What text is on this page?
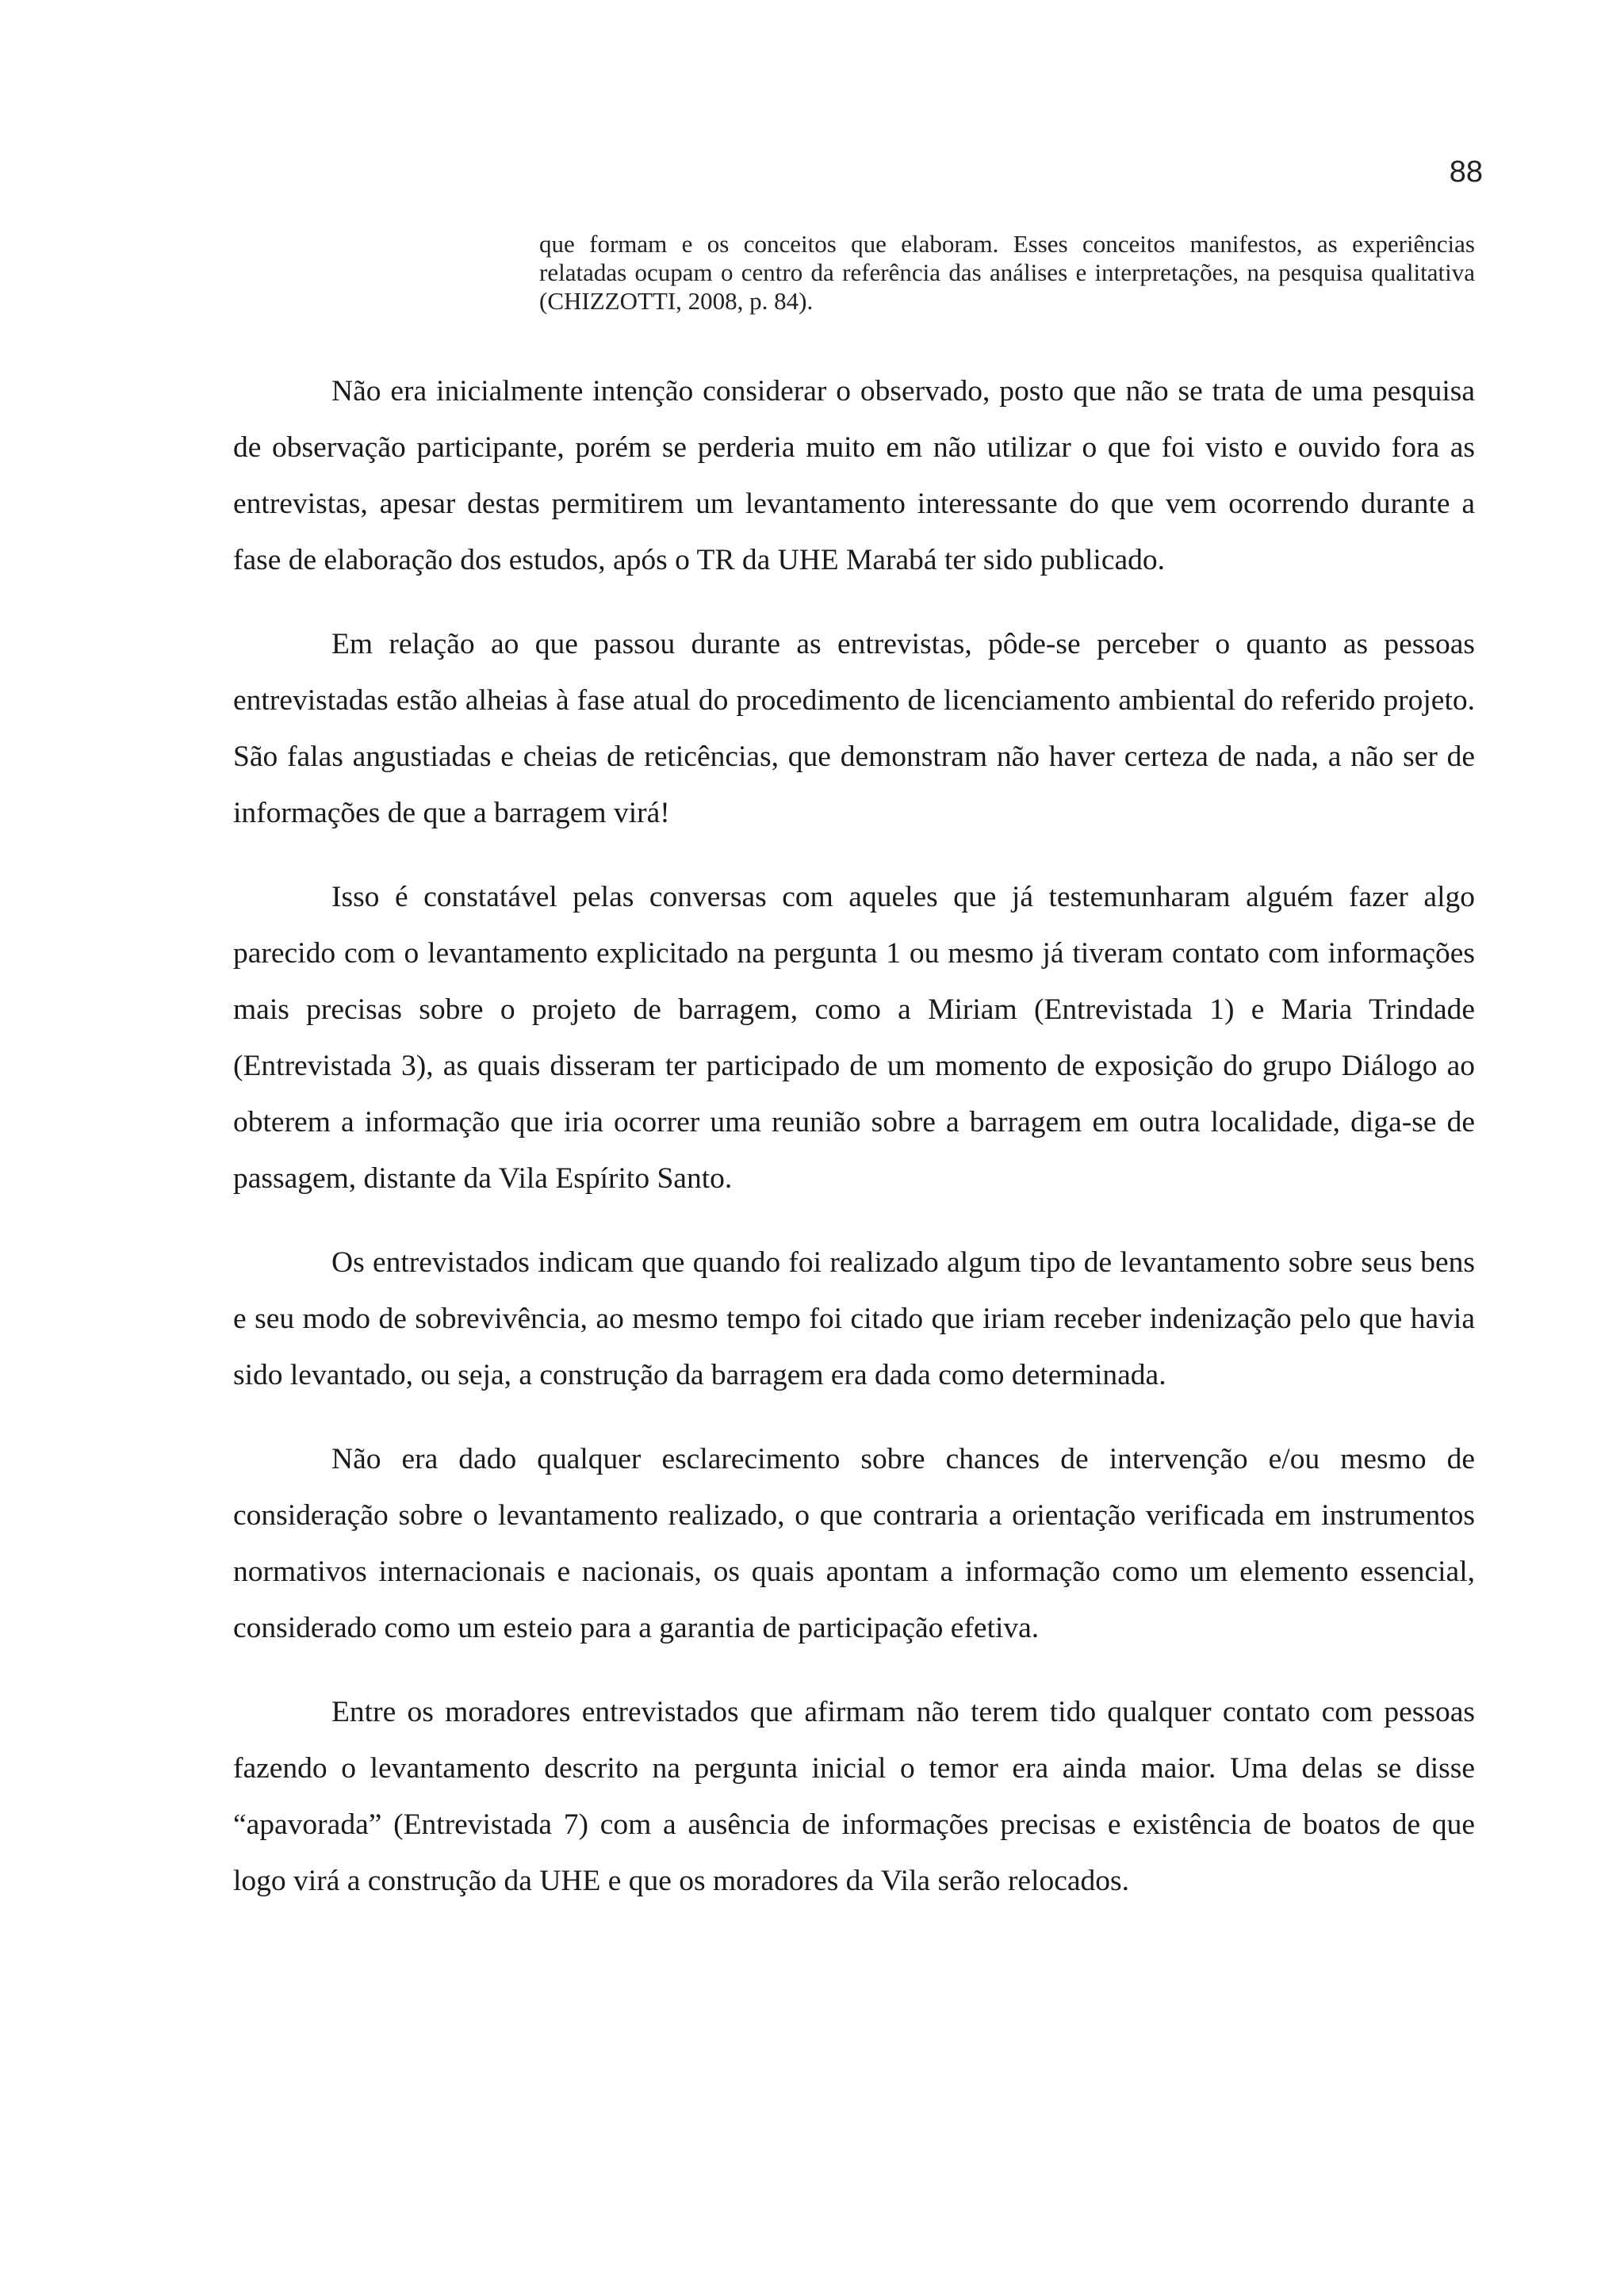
88
que formam e os conceitos que elaboram. Esses conceitos manifestos, as experiências relatadas ocupam o centro da referência das análises e interpretações, na pesquisa qualitativa (CHIZZOTTI, 2008, p. 84).

Não era inicialmente intenção considerar o observado, posto que não se trata de uma pesquisa de observação participante, porém se perderia muito em não utilizar o que foi visto e ouvido fora as entrevistas, apesar destas permitirem um levantamento interessante do que vem ocorrendo durante a fase de elaboração dos estudos, após o TR da UHE Marabá ter sido publicado.

Em relação ao que passou durante as entrevistas, pôde-se perceber o quanto as pessoas entrevistadas estão alheias à fase atual do procedimento de licenciamento ambiental do referido projeto. São falas angustiadas e cheias de reticências, que demonstram não haver certeza de nada, a não ser de informações de que a barragem virá!

Isso é constatável pelas conversas com aqueles que já testemunharam alguém fazer algo parecido com o levantamento explicitado na pergunta 1 ou mesmo já tiveram contato com informações mais precisas sobre o projeto de barragem, como a Miriam (Entrevistada 1) e Maria Trindade (Entrevistada 3), as quais disseram ter participado de um momento de exposição do grupo Diálogo ao obterem a informação que iria ocorrer uma reunião sobre a barragem em outra localidade, diga-se de passagem, distante da Vila Espírito Santo.

Os entrevistados indicam que quando foi realizado algum tipo de levantamento sobre seus bens e seu modo de sobrevivência, ao mesmo tempo foi citado que iriam receber indenização pelo que havia sido levantado, ou seja, a construção da barragem era dada como determinada.

Não era dado qualquer esclarecimento sobre chances de intervenção e/ou mesmo de consideração sobre o levantamento realizado, o que contraria a orientação verificada em instrumentos normativos internacionais e nacionais, os quais apontam a informação como um elemento essencial, considerado como um esteio para a garantia de participação efetiva.

Entre os moradores entrevistados que afirmam não terem tido qualquer contato com pessoas fazendo o levantamento descrito na pergunta inicial o temor era ainda maior. Uma delas se disse “apavorada” (Entrevistada 7) com a ausência de informações precisas e existência de boatos de que logo virá a construção da UHE e que os moradores da Vila serão relocados.
